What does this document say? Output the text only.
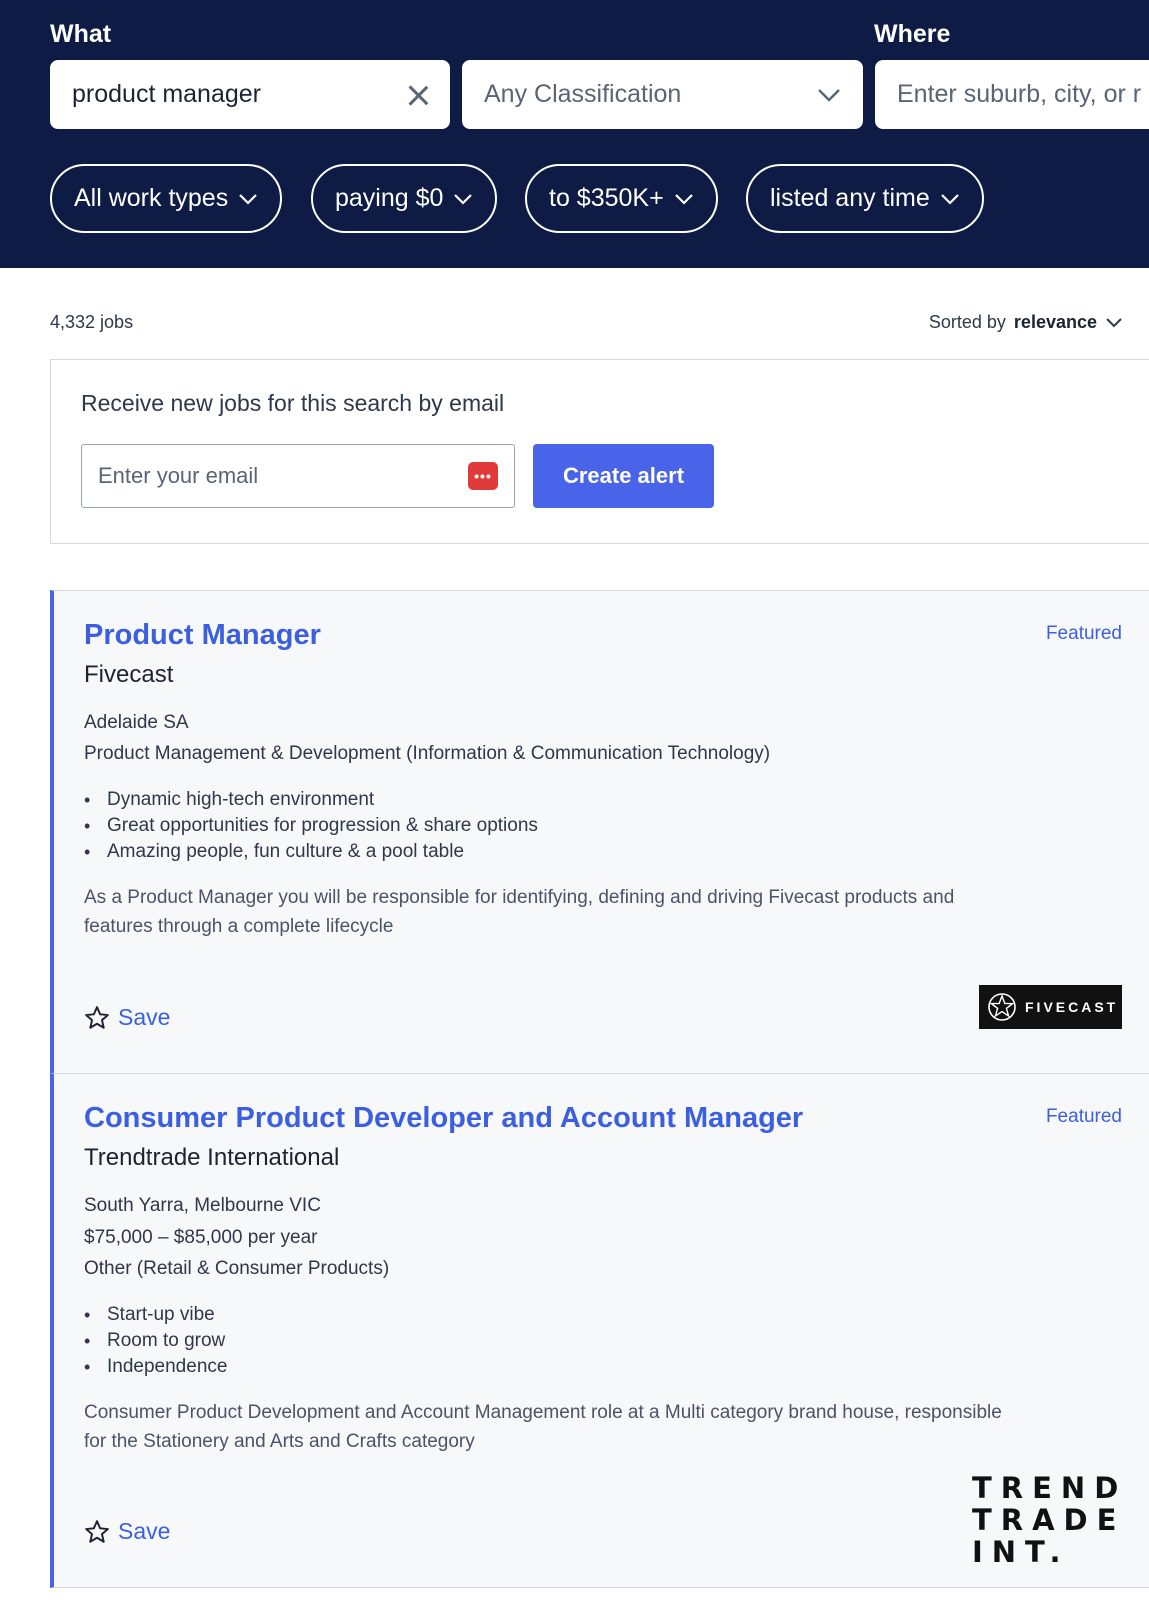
What	Where
product manager
Any Classification
Enter suburb, city, or r
All work types	paying $0	to $350K+	listed any time
4,332 jobs	Sorted by relevance
Receive new jobs for this search by email
Enter your email
•••	Create alert
Product Manager
Fivecast
Featured
Adelaide SA
Product Management & Development (Information & Communication Technology)
• Dynamic high-tech environment
• Great opportunities for progression & share options
• Amazing people, fun culture & a pool table
As a Product Manager you will be responsible for identifying, defining and driving Fivecast products and features through a complete lifecycle
Save	FIVECAST
Consumer Product Developer and Account Manager
Trendtrade International
Featured
South Yarra, Melbourne VIC
$75,000 – $85,000 per year
Other (Retail & Consumer Products)
• Start-up vibe
• Room to grow
• Independence
Consumer Product Development and Account Management role at a Multi category brand house, responsible for the Stationery and Arts and Crafts category
Save
TREND
TRADE
INT.
